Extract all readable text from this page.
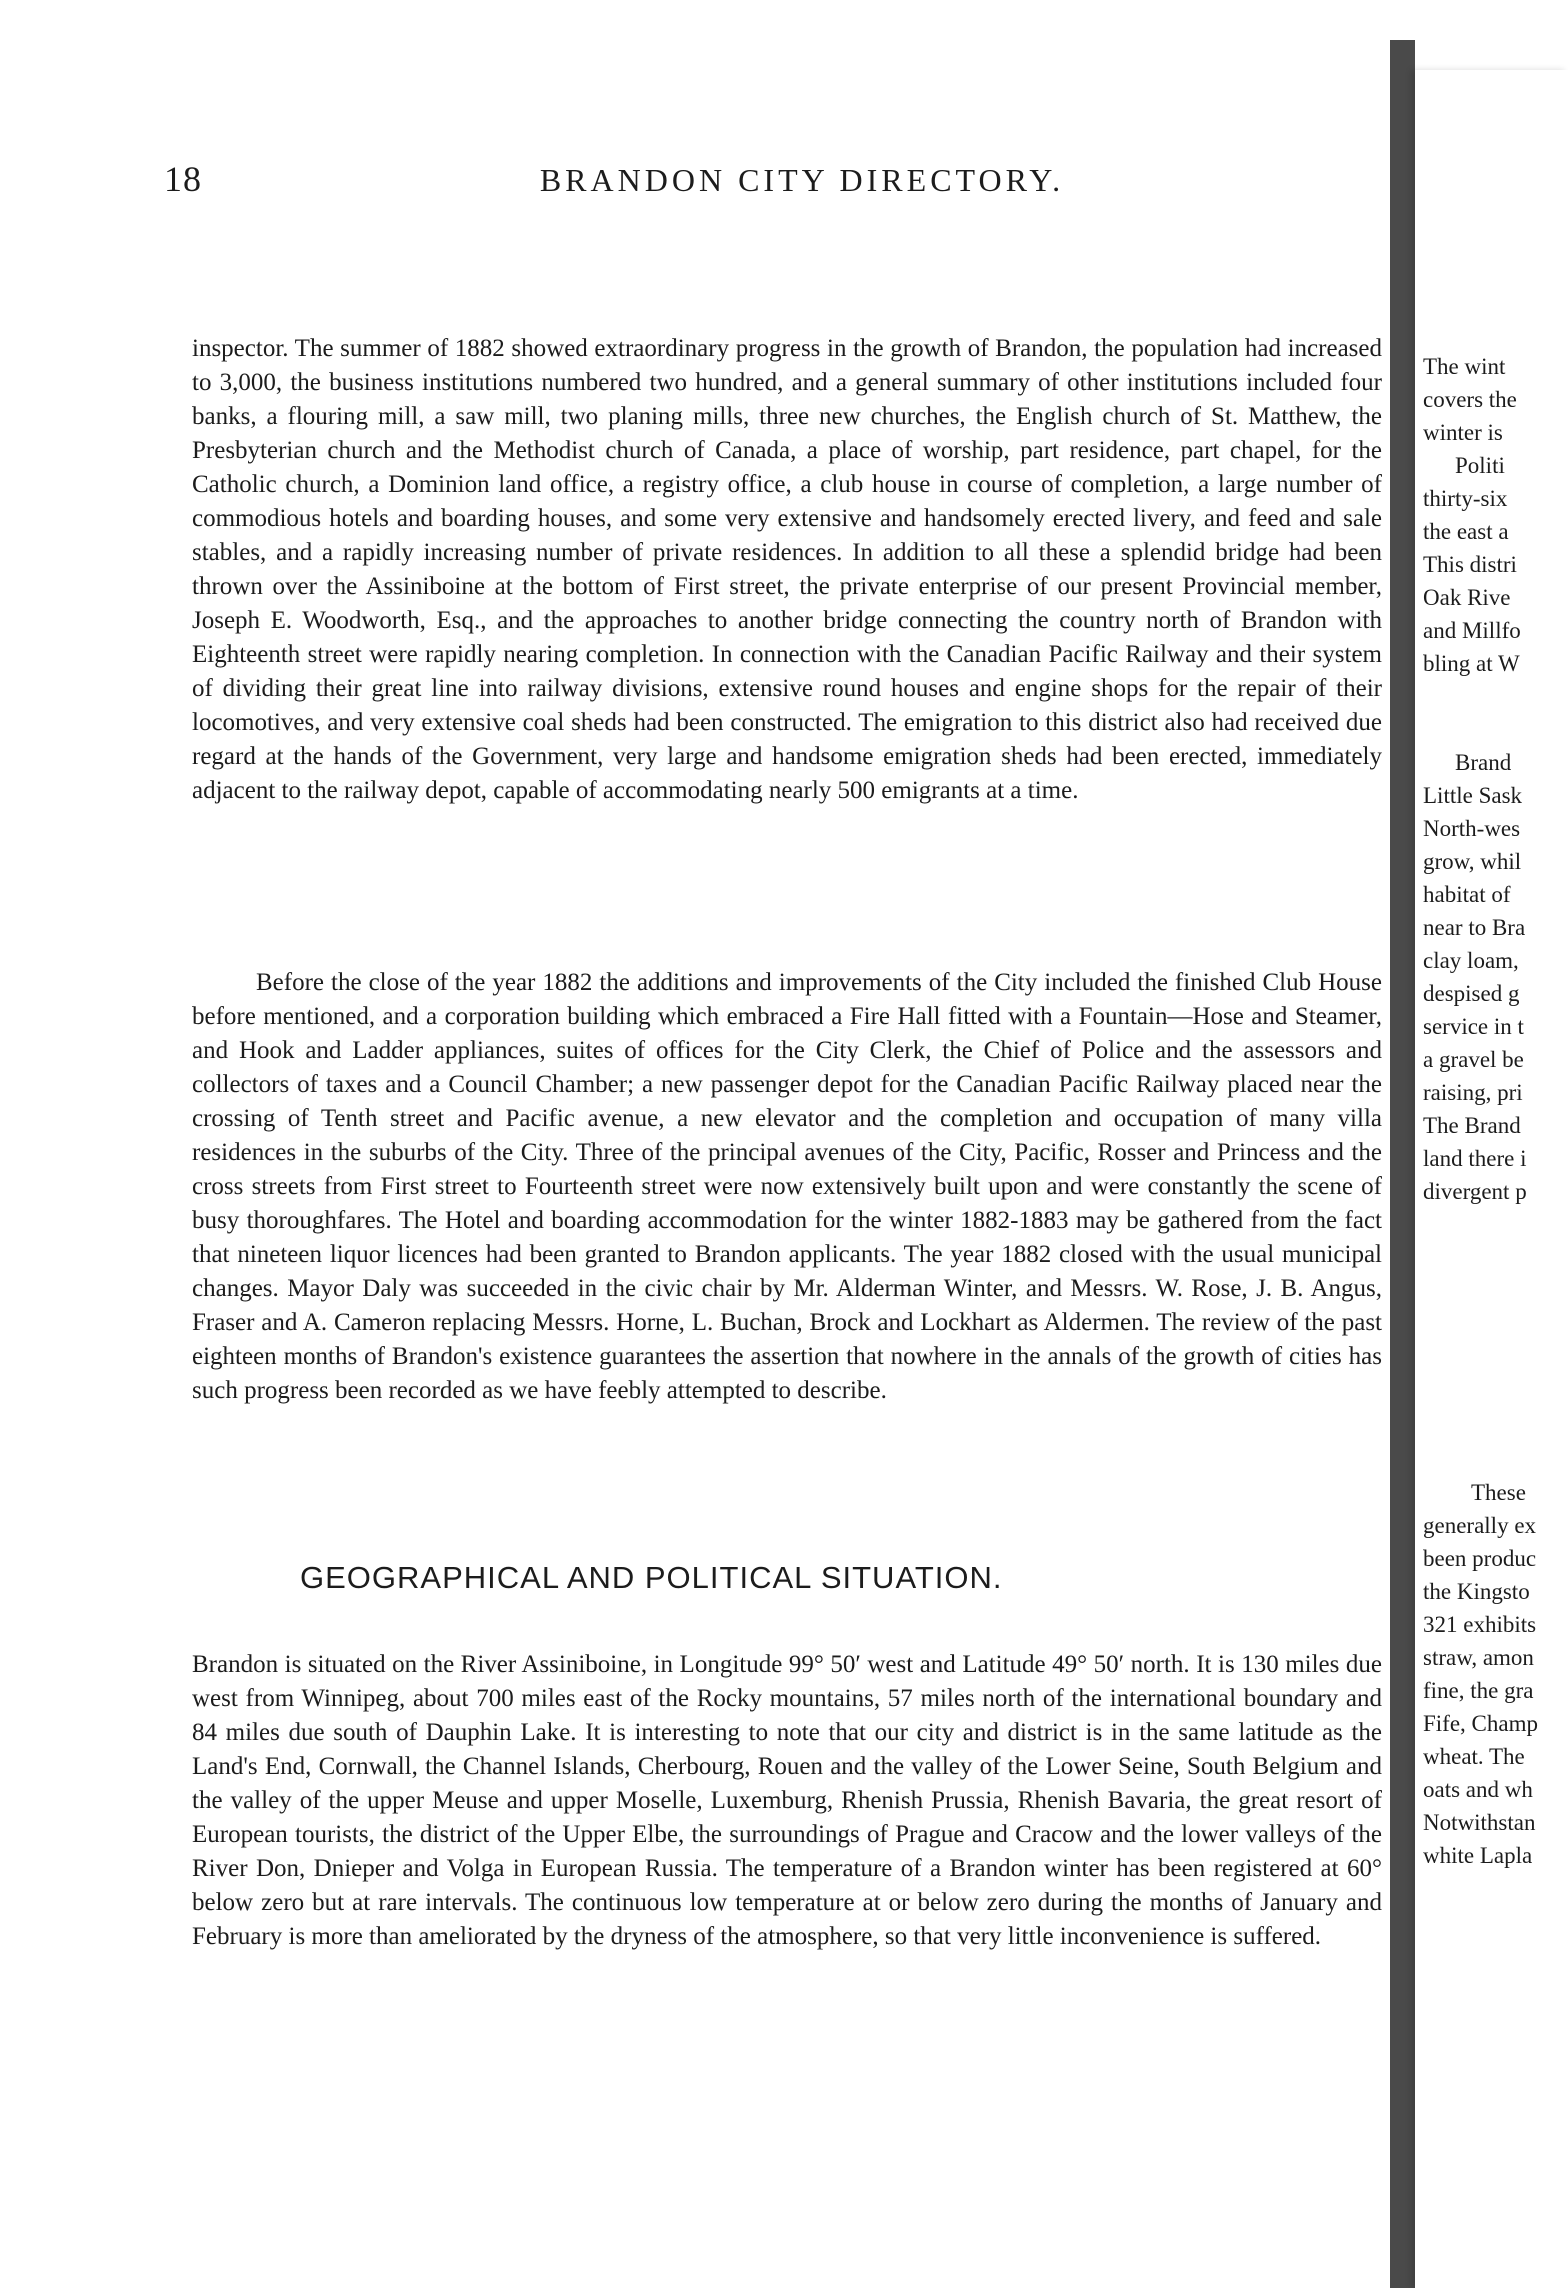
18	BRANDON CITY DIRECTORY.

inspector. The summer of 1882 showed extraordinary progress in the growth of Brandon, the population had increased to 3,000, the business institutions numbered two hundred, and a general summary of other institutions included four banks, a flouring mill, a saw mill, two planing mills, three new churches, the English church of St. Matthew, the Presbyterian church and the Methodist church of Canada, a place of worship, part residence, part chapel, for the Catholic church, a Dominion land office, a registry office, a club house in course of completion, a large number of commodious hotels and boarding houses, and some very extensive and handsomely erected livery, and feed and sale stables, and a rapidly increasing number of private residences. In addition to all these a splendid bridge had been thrown over the Assiniboine at the bottom of First street, the private enterprise of our present Provincial member, Joseph E. Woodworth, Esq., and the approaches to another bridge connecting the country north of Brandon with Eighteenth street were rapidly nearing completion. In connection with the Canadian Pacific Railway and their system of dividing their great line into railway divisions, extensive round houses and engine shops for the repair of their locomotives, and very extensive coal sheds had been constructed. The emigration to this district also had received due regard at the hands of the Government, very large and handsome emigration sheds had been erected, immediately adjacent to the railway depot, capable of accommodating nearly 500 emigrants at a time.

Before the close of the year 1882 the additions and improvements of the City included the finished Club House before mentioned, and a corporation building which embraced a Fire Hall fitted with a Fountain—Hose and Steamer, and Hook and Ladder appliances, suites of offices for the City Clerk, the Chief of Police and the assessors and collectors of taxes and a Council Chamber; a new passenger depot for the Canadian Pacific Railway placed near the crossing of Tenth street and Pacific avenue, a new elevator and the completion and occupation of many villa residences in the suburbs of the City. Three of the principal avenues of the City, Pacific, Rosser and Princess and the cross streets from First street to Fourteenth street were now extensively built upon and were constantly the scene of busy thoroughfares. The Hotel and boarding accommodation for the winter 1882-1883 may be gathered from the fact that nineteen liquor licences had been granted to Brandon applicants. The year 1882 closed with the usual municipal changes. Mayor Daly was succeeded in the civic chair by Mr. Alderman Winter, and Messrs. W. Rose, J. B. Angus, Fraser and A. Cameron replacing Messrs. Horne, L. Buchan, Brock and Lockhart as Aldermen. The review of the past eighteen months of Brandon's existence guarantees the assertion that nowhere in the annals of the growth of cities has such progress been recorded as we have feebly attempted to describe.

GEOGRAPHICAL AND POLITICAL SITUATION.

Brandon is situated on the River Assiniboine, in Longitude 99° 50′ west and Latitude 49° 50′ north. It is 130 miles due west from Winnipeg, about 700 miles east of the Rocky mountains, 57 miles north of the international boundary and 84 miles due south of Dauphin Lake. It is interesting to note that our city and district is in the same latitude as the Land's End, Cornwall, the Channel Islands, Cherbourg, Rouen and the valley of the Lower Seine, South Belgium and the valley of the upper Meuse and upper Moselle, Luxemburg, Rhenish Prussia, Rhenish Bavaria, the great resort of European tourists, the district of the Upper Elbe, the surroundings of Prague and Cracow and the lower valleys of the River Don, Dnieper and Volga in European Russia. The temperature of a Brandon winter has been registered at 60° below zero but at rare intervals. The continuous low temperature at or below zero during the months of January and February is more than ameliorated by the dryness of the atmosphere, so that very little inconvenience is suffered.

The wint
covers the
winter is
Politi
thirty-six
the east a
This distri
Oak Rive
and Millfo
bling at W
Brand
Little Sask
North-wes
grow, whil
habitat of
near to Bra
clay loam,
despised g
service in t
a gravel be
raising, pri
The Brand
land there i
divergent p
These
generally ex
been produc
the Kingsto
321 exhibits
straw, amon
fine, the gra
Fife, Champ
wheat. The
oats and wh
Notwithstan
white Lapla
